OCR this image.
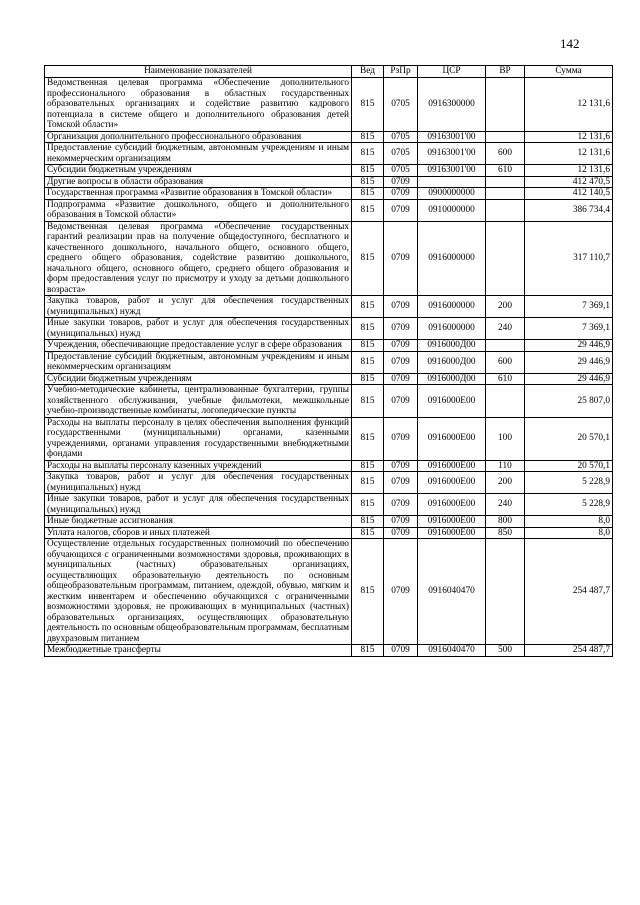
142
Наименование показателей	Вед	РзПр	ЦСР	ВР	Сумма
Ведомственная целевая программа «Обеспечение дополнительного профессионального образования в областных государственных образовательных организациях и содействие развитию кадрового потенциала в системе общего и дополнительного образования детей Томской области»	815	0705	0916300000		12 131,6
Организация дополнительного профессионального образования	815	0705	09163001'00		12 131,6
Предоставление субсидий бюджетным, автономным учреждениям и иным некоммерческим организациям	815	0705	09163001'00	600	12 131,6
Субсидии бюджетным учреждениям	815	0705	09163001'00	610	12 131,6
Другие вопросы в области образования	815	0709			412 470,5
Государственная программа «Развитие образования в Томской области»	815	0709	0900000000		412 140,5
Подпрограмма «Развитие дошкольного, общего и дополнительного образования в Томской области»	815	0709	0910000000		386 734,4
Ведомственная целевая программа «Обеспечение государственных гарантий реализации прав на получение общедоступного, бесплатного и качественного дошкольного, начального общего, основного общего, среднего общего образования, содействие развитию дошкольного, начального общего, основного общего, среднего общего образования и форм предоставления услуг по присмотру и уходу за детьми дошкольного возраста»	815	0709	0916000000		317 110,7
Закупка товаров, работ и услуг для обеспечения государственных (муниципальных) нужд	815	0709	0916000000	200	7 369,1
Иные закупки товаров, работ и услуг для обеспечения государственных (муниципальных) нужд	815	0709	0916000000	240	7 369,1
Учреждения, обеспечивающие предоставление услуг в сфере образования	815	0709	0916000Д00		29 446,9
Предоставление субсидий бюджетным, автономным учреждениям и иным некоммерческим организациям	815	0709	0916000Д00	600	29 446,9
Субсидии бюджетным учреждениям	815	0709	0916000Д00	610	29 446,9
Учебно-методические кабинеты, централизованные бухгалтерии, группы хозяйственного обслуживания, учебные фильмотеки, межшкольные учебно-производственные комбинаты, логопедические пункты	815	0709	0916000Е00		25 807,0
Расходы на выплаты персоналу в целях обеспечения выполнения функций государственными (муниципальными) органами, казенными учреждениями, органами управления государственными внебюджетными фондами	815	0709	0916000Е00	100	20 570,1
Расходы на выплаты персоналу казенных учреждений	815	0709	0916000Е00	110	20 570,1
Закупка товаров, работ и услуг для обеспечения государственных (муниципальных) нужд	815	0709	0916000Е00	200	5 228,9
Иные закупки товаров, работ и услуг для обеспечения государственных (муниципальных) нужд	815	0709	0916000Е00	240	5 228,9
Иные бюджетные ассигнования	815	0709	0916000Е00	800	8,0
Уплата налогов, сборов и иных платежей	815	0709	0916000Е00	850	8,0
Осуществление отдельных государственных полномочий по обеспечению обучающихся с ограниченными возможностями здоровья, проживающих в муниципальных (частных) образовательных организациях, осуществляющих образовательную деятельность по основным общеобразовательным программам, питанием, одеждой, обувью, мягким и жестким инвентарем и обеспечению обучающихся с ограниченными возможностями здоровья, не проживающих в муниципальных (частных) образовательных организациях, осуществляющих образовательную деятельность по основным общеобразовательным программам, бесплатным двухразовым питанием	815	0709	0916040470		254 487,7
Межбюджетные трансферты	815	0709	0916040470	500	254 487,7
